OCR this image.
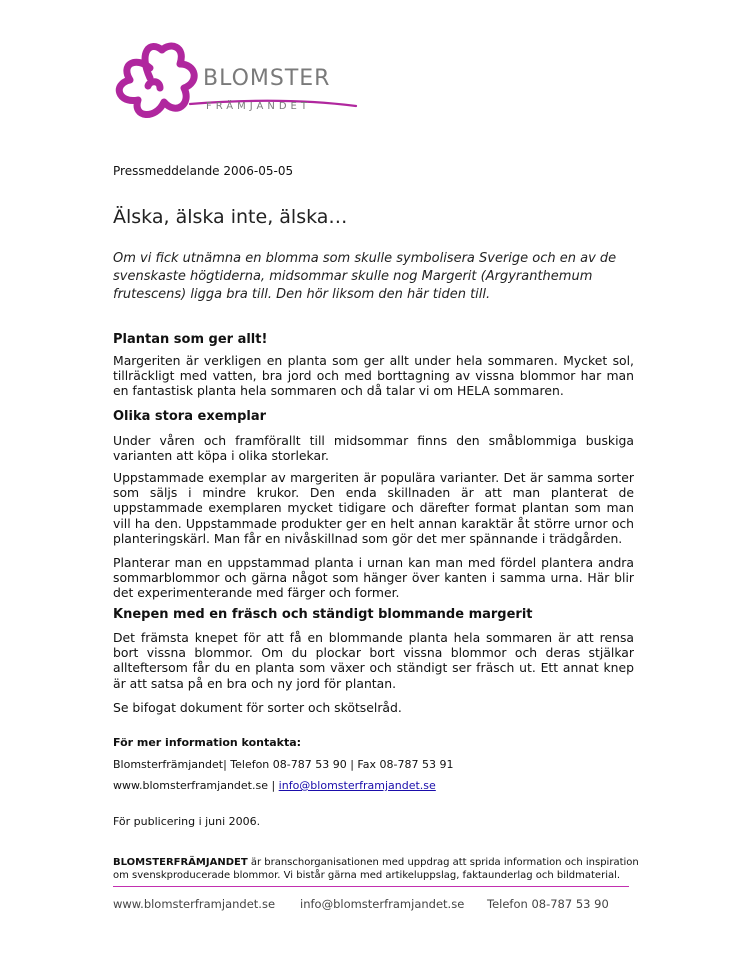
BLOMSTER
FRÄMJANDET
Pressmeddelande 2006-05-05
Älska, älska inte, älska…

Om vi fick utnämna en blomma som skulle symbolisera Sverige och en av de svenskaste högtiderna, midsommar skulle nog Margerit (Argyranthemum frutescens) ligga bra till. Den hör liksom den här tiden till.

Plantan som ger allt!

Margeriten är verkligen en planta som ger allt under hela sommaren. Mycket sol, tillräckligt med vatten, bra jord och med borttagning av vissna blommor har man en fantastisk planta hela sommaren och då talar vi om HELA sommaren.

Olika stora exemplar

Under våren och framförallt till midsommar finns den småblommiga buskiga varianten att köpa i olika storlekar.

Uppstammade exemplar av margeriten är populära varianter. Det är samma sorter som säljs i mindre krukor. Den enda skillnaden är att man planterat de uppstammade exemplaren mycket tidigare och därefter format plantan som man vill ha den. Uppstammade produkter ger en helt annan karaktär åt större urnor och planteringskärl. Man får en nivåskillnad som gör det mer spännande i trädgården.

Planterar man en uppstammad planta i urnan kan man med fördel plantera andra sommarblommor och gärna något som hänger över kanten i samma urna. Här blir det experimenterande med färger och former.

Knepen med en fräsch och ständigt blommande margerit

Det främsta knepet för att få en blommande planta hela sommaren är att rensa bort vissna blommor. Om du plockar bort vissna blommor och deras stjälkar allteftersom får du en planta som växer och ständigt ser fräsch ut. Ett annat knep är att satsa på en bra och ny jord för plantan.

Se bifogat dokument för sorter och skötselråd.

För mer information kontakta:
Blomsterfrämjandet| Telefon 08-787 53 90 | Fax 08-787 53 91
www.blomsterframjandet.se | info@blomsterframjandet.se
För publicering i juni 2006.
BLOMSTERFRÄMJANDET är branschorganisationen med uppdrag att sprida information och inspiration om svenskproducerade blommor. Vi bistår gärna med artikeluppslag, faktaunderlag och bildmaterial.
www.blomsterframjandet.se info@blomsterframjandet.se Telefon 08-787 53 90
